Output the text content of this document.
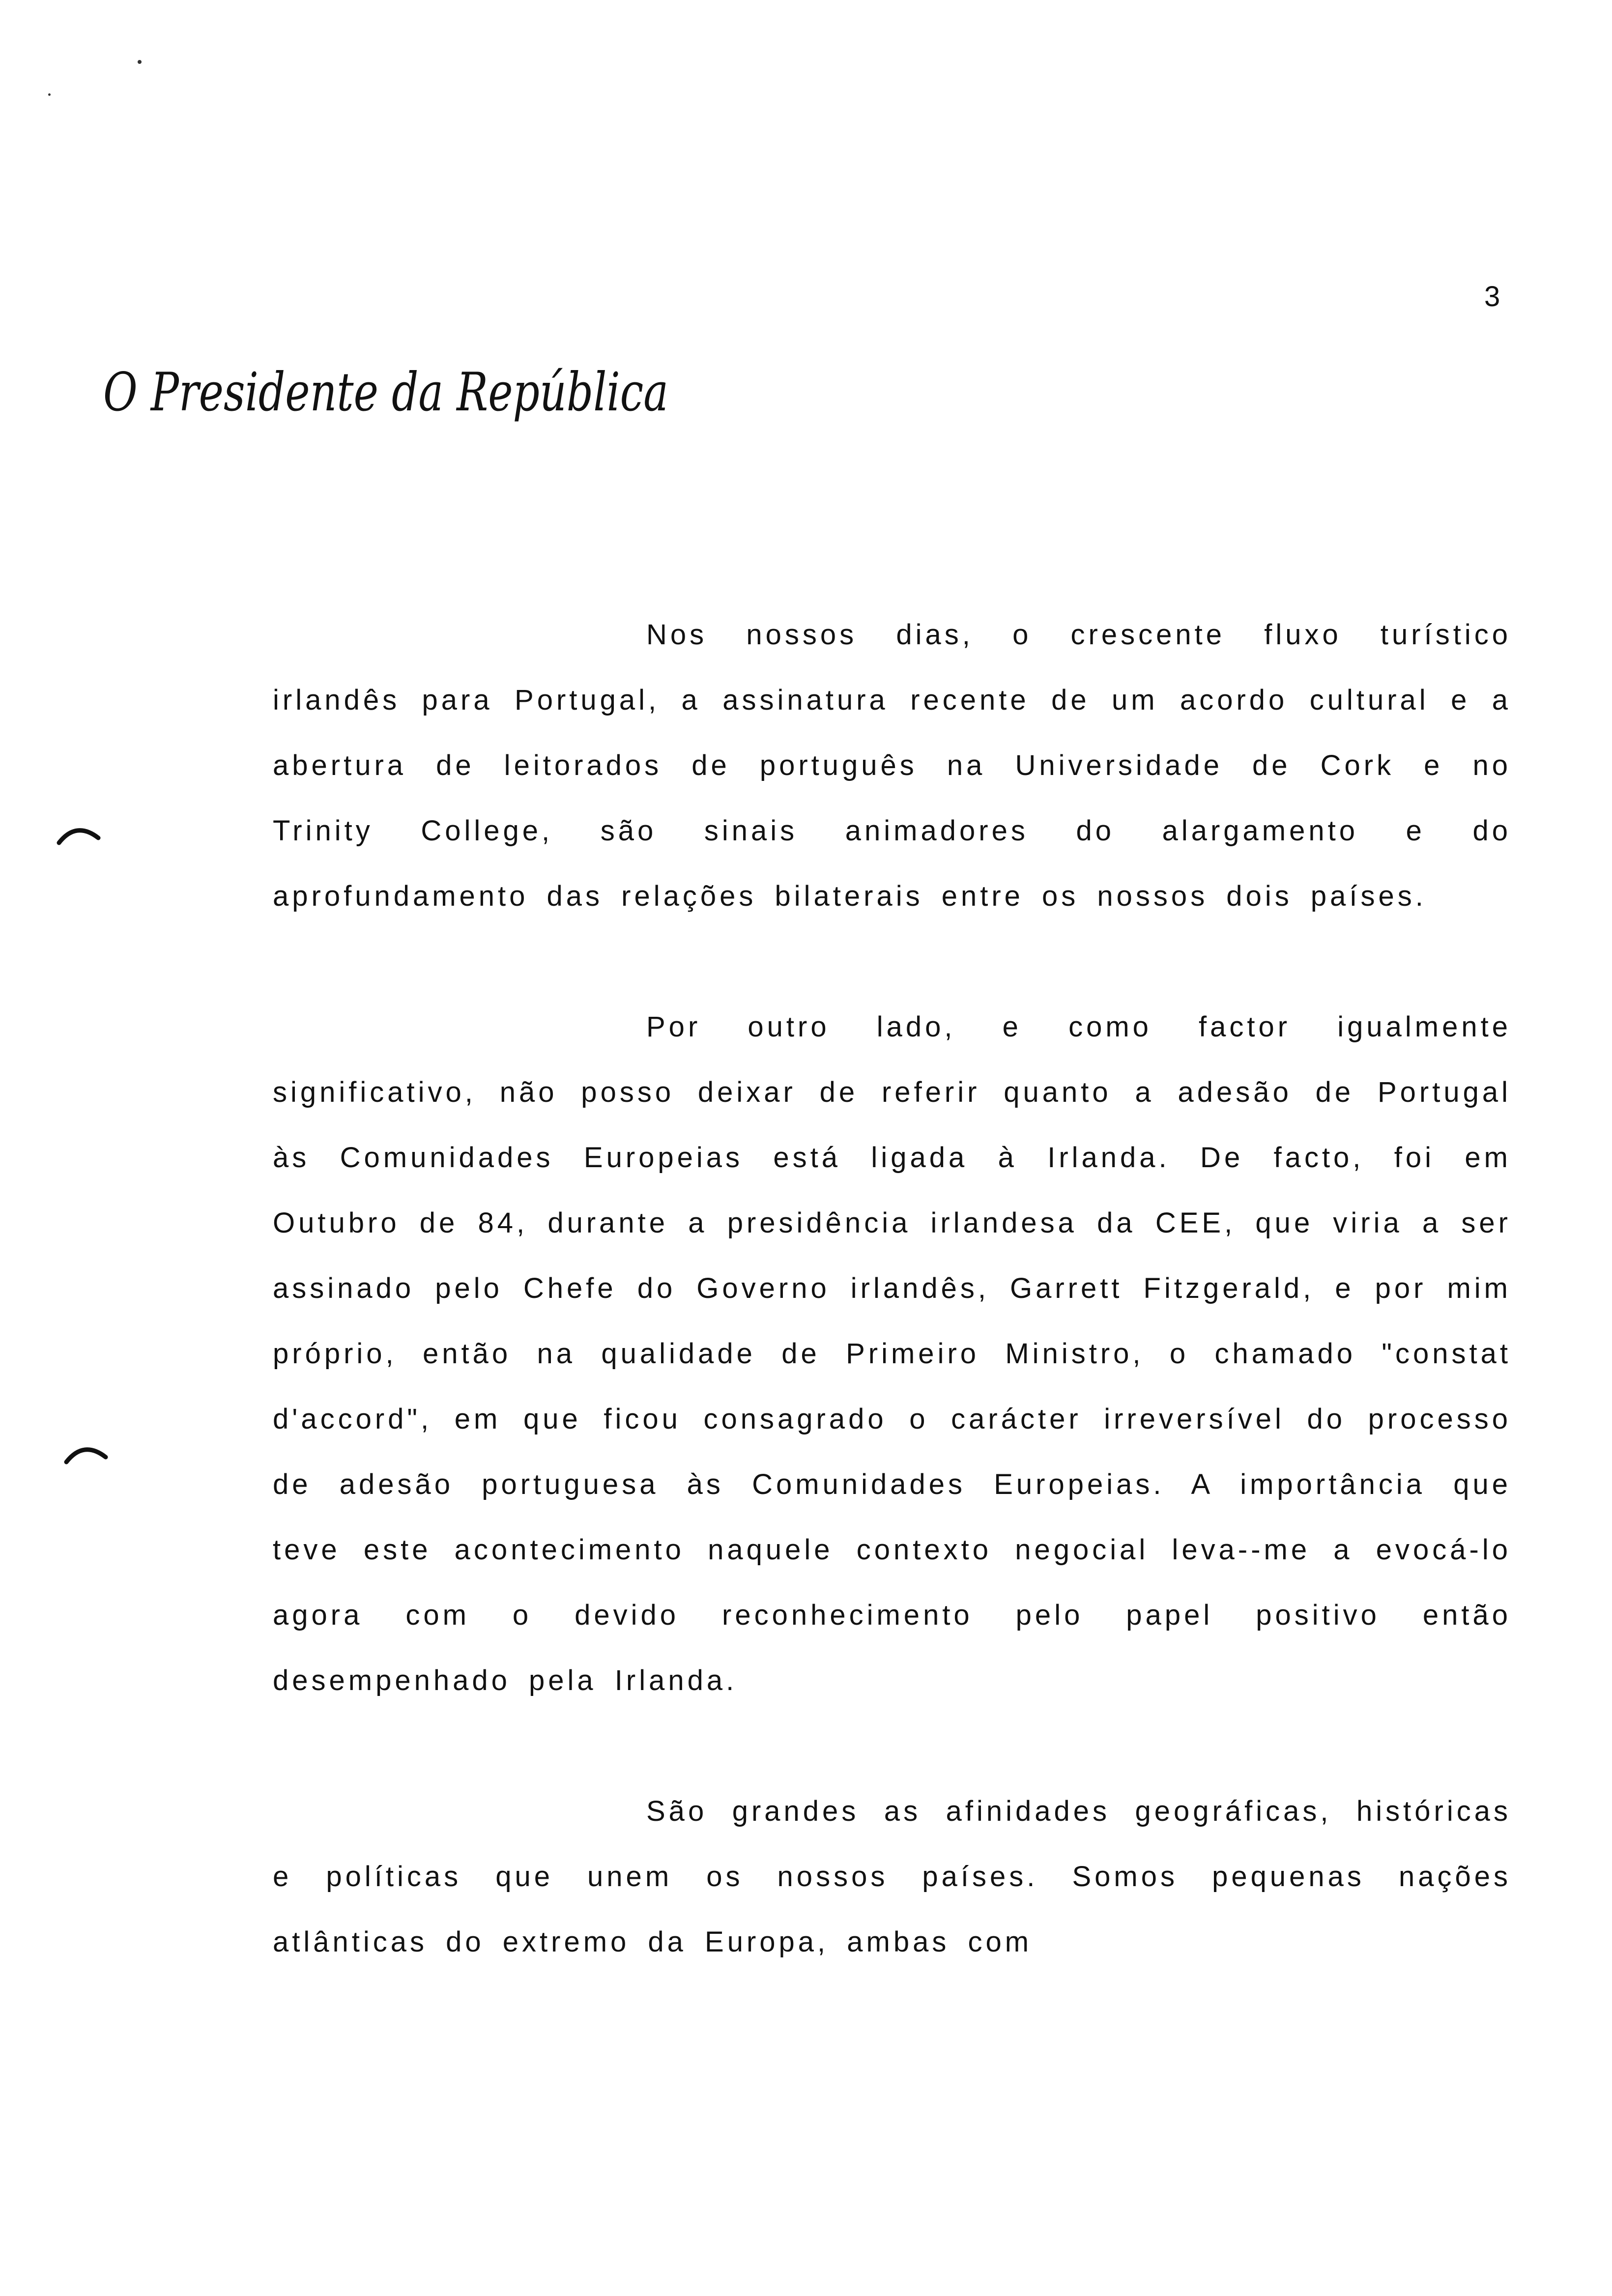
3
O Presidente da República

Nos nossos dias, o crescente fluxo turístico irlandês para Portugal, a assinatura recente de um acordo cultural e a abertura de leitorados de português na Universidade de Cork e no Trinity College, são sinais animadores do alargamento e do aprofundamento das relações bilaterais entre os nossos dois países.

Por outro lado, e como factor igualmente significativo, não posso deixar de referir quanto a adesão de Portugal às Comunidades Europeias está ligada à Irlanda. De facto, foi em Outubro de 84, durante a presidência irlandesa da CEE, que viria a ser assinado pelo Chefe do Governo irlandês, Garrett Fitzgerald, e por mim próprio, então na qualidade de Primeiro Ministro, o chamado "constat d'accord", em que ficou consagrado o carácter irreversível do processo de adesão portuguesa às Comunidades Europeias. A importância que teve este acontecimento naquele contexto negocial leva--me a evocá-lo agora com o devido reconhecimento pelo papel positivo então desempenhado pela Irlanda.

São grandes as afinidades geográficas, históricas e políticas que unem os nossos países. Somos pequenas nações atlânticas do extremo da Europa, ambas com
